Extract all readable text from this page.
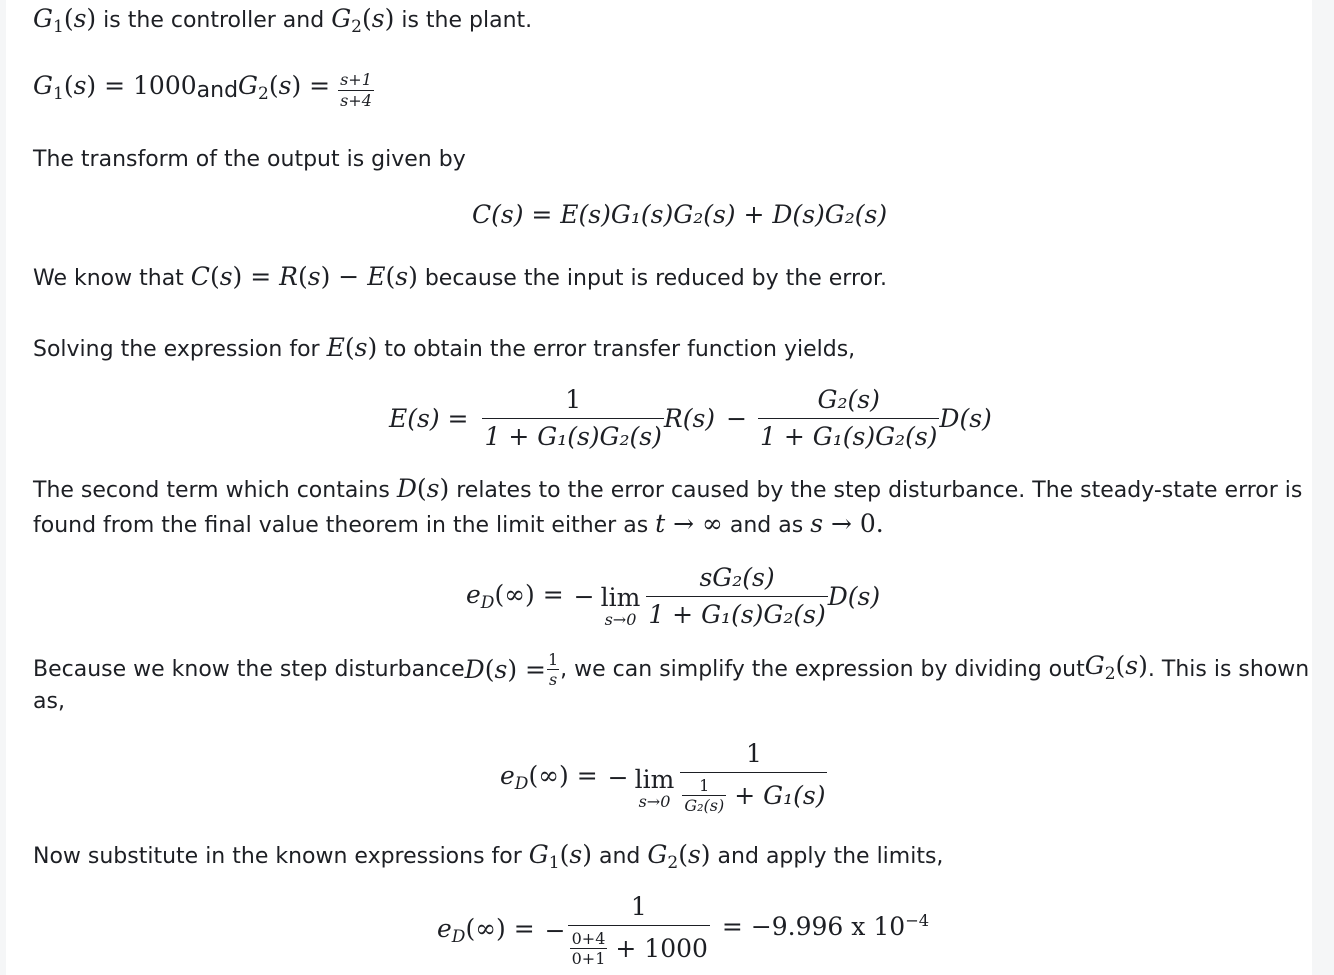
$G_1(s)$ is the controller and $G_2(s)$ is the plant.

$G_1(s) = 1000$ and $G_2(s) = \frac{s+1}{s+4}$

The transform of the output is given by

C(s) = E(s)G₁(s)G₂(s) + D(s)G₂(s)

We know that C(s) = R(s) − E(s) because the input is reduced by the error.

Solving the expression for E(s) to obtain the error transfer function yields,

$E(s) = \frac{1}{\text{1 + G₁(s)G₂(s)}} R(s) - \frac{\text{G₂(s)}}{\text{1 + G₁(s)G₂(s)}} D(s)$

The second term which contains D(s) relates to the error caused by the step disturbance. The steady-state error is

found from the final value theorem in the limit either as t → ∞ and as s → 0.

$e_D(\infty)$ = − lim
$s\to 0 \frac{\text{sG₂(s)}}{\text{1 + G₁(s)G₂(s)}} D(s)$

Because we know the step disturbance $D(s) = \frac{1}{s}$ , we can simplify the expression by dividing out $G_2(s)$ . This is shown

as,

$e_D(\infty)$ = − lim
$s\to 0 \frac{1}{\frac{1}{\text{G₂(s)}} + G_1(s)}$

Now substitute in the known expressions for $G_1(s)$ and $G_2(s)$ and apply the limits,

$e_D(\infty)$ = − $\frac{1}{\frac{0+4}{0+1} + 1000} = -9.996$ x $10^{-4}$
